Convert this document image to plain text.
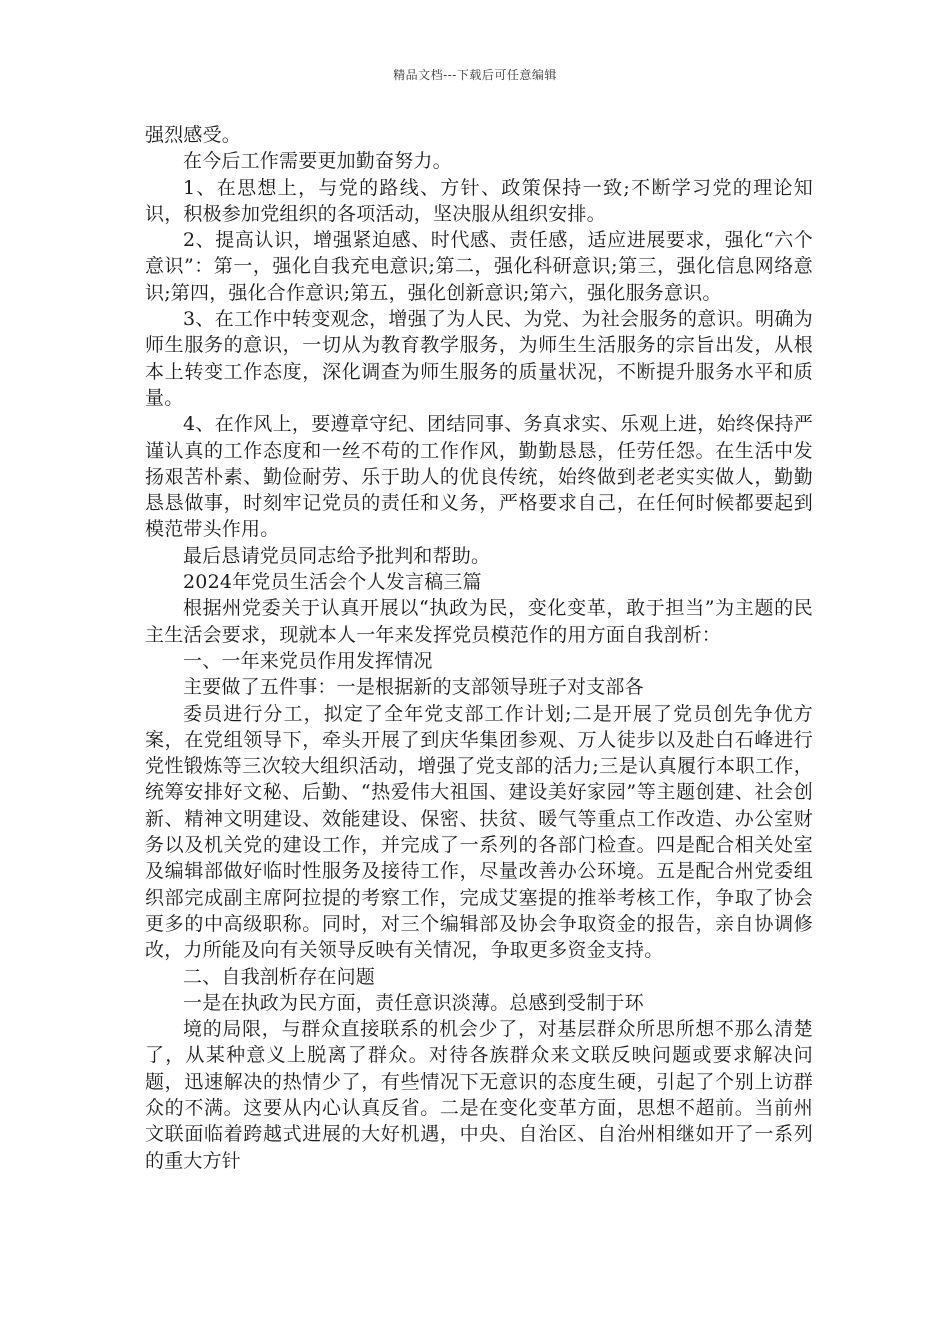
精品文档---下载后可任意编辑

强烈感受。

在今后工作需要更加勤奋努力。

1、在思想上，与党的路线、方针、政策保持一致;不断学习党的理论知识，积极参加党组织的各项活动，坚决服从组织安排。

2、提高认识，增强紧迫感、时代感、责任感，适应进展要求，强化“六个意识”：第一，强化自我充电意识;第二，强化科研意识;第三，强化信息网络意识;第四，强化合作意识;第五，强化创新意识;第六，强化服务意识。

3、在工作中转变观念，增强了为人民、为党、为社会服务的意识。明确为师生服务的意识，一切从为教育教学服务，为师生生活服务的宗旨出发，从根本上转变工作态度，深化调查为师生服务的质量状况，不断提升服务水平和质量。

4、在作风上，要遵章守纪、团结同事、务真求实、乐观上进，始终保持严谨认真的工作态度和一丝不苟的工作作风，勤勤恳恳，任劳任怨。在生活中发扬艰苦朴素、勤俭耐劳、乐于助人的优良传统，始终做到老老实实做人，勤勤恳恳做事，时刻牢记党员的责任和义务，严格要求自己，在任何时候都要起到模范带头作用。

最后恳请党员同志给予批判和帮助。

2024年党员生活会个人发言稿三篇

根据州党委关于认真开展以“执政为民，变化变革，敢于担当”为主题的民主生活会要求，现就本人一年来发挥党员模范作的用方面自我剖析：

一、一年来党员作用发挥情况

主要做了五件事：一是根据新的支部领导班子对支部各

委员进行分工，拟定了全年党支部工作计划;二是开展了党员创先争优方案，在党组领导下，牵头开展了到庆华集团参观、万人徒步以及赴白石峰进行党性锻炼等三次较大组织活动，增强了党支部的活力;三是认真履行本职工作，统筹安排好文秘、后勤、“热爱伟大祖国、建设美好家园”等主题创建、社会创新、精神文明建设、效能建设、保密、扶贫、暖气等重点工作改造、办公室财务以及机关党的建设工作，并完成了一系列的各部门检查。四是配合相关处室及编辑部做好临时性服务及接待工作，尽量改善办公环境。五是配合州党委组织部完成副主席阿拉提的考察工作，完成艾塞提的推举考核工作，争取了协会更多的中高级职称。同时，对三个编辑部及协会争取资金的报告，亲自协调修改，力所能及向有关领导反映有关情况，争取更多资金支持。

二、自我剖析存在问题

一是在执政为民方面，责任意识淡薄。总感到受制于环

境的局限，与群众直接联系的机会少了，对基层群众所思所想不那么清楚了，从某种意义上脱离了群众。对待各族群众来文联反映问题或要求解决问题，迅速解决的热情少了，有些情况下无意识的态度生硬，引起了个别上访群众的不满。这要从内心认真反省。二是在变化变革方面，思想不超前。当前州文联面临着跨越式进展的大好机遇，中央、自治区、自治州相继如开了一系列的重大方针
